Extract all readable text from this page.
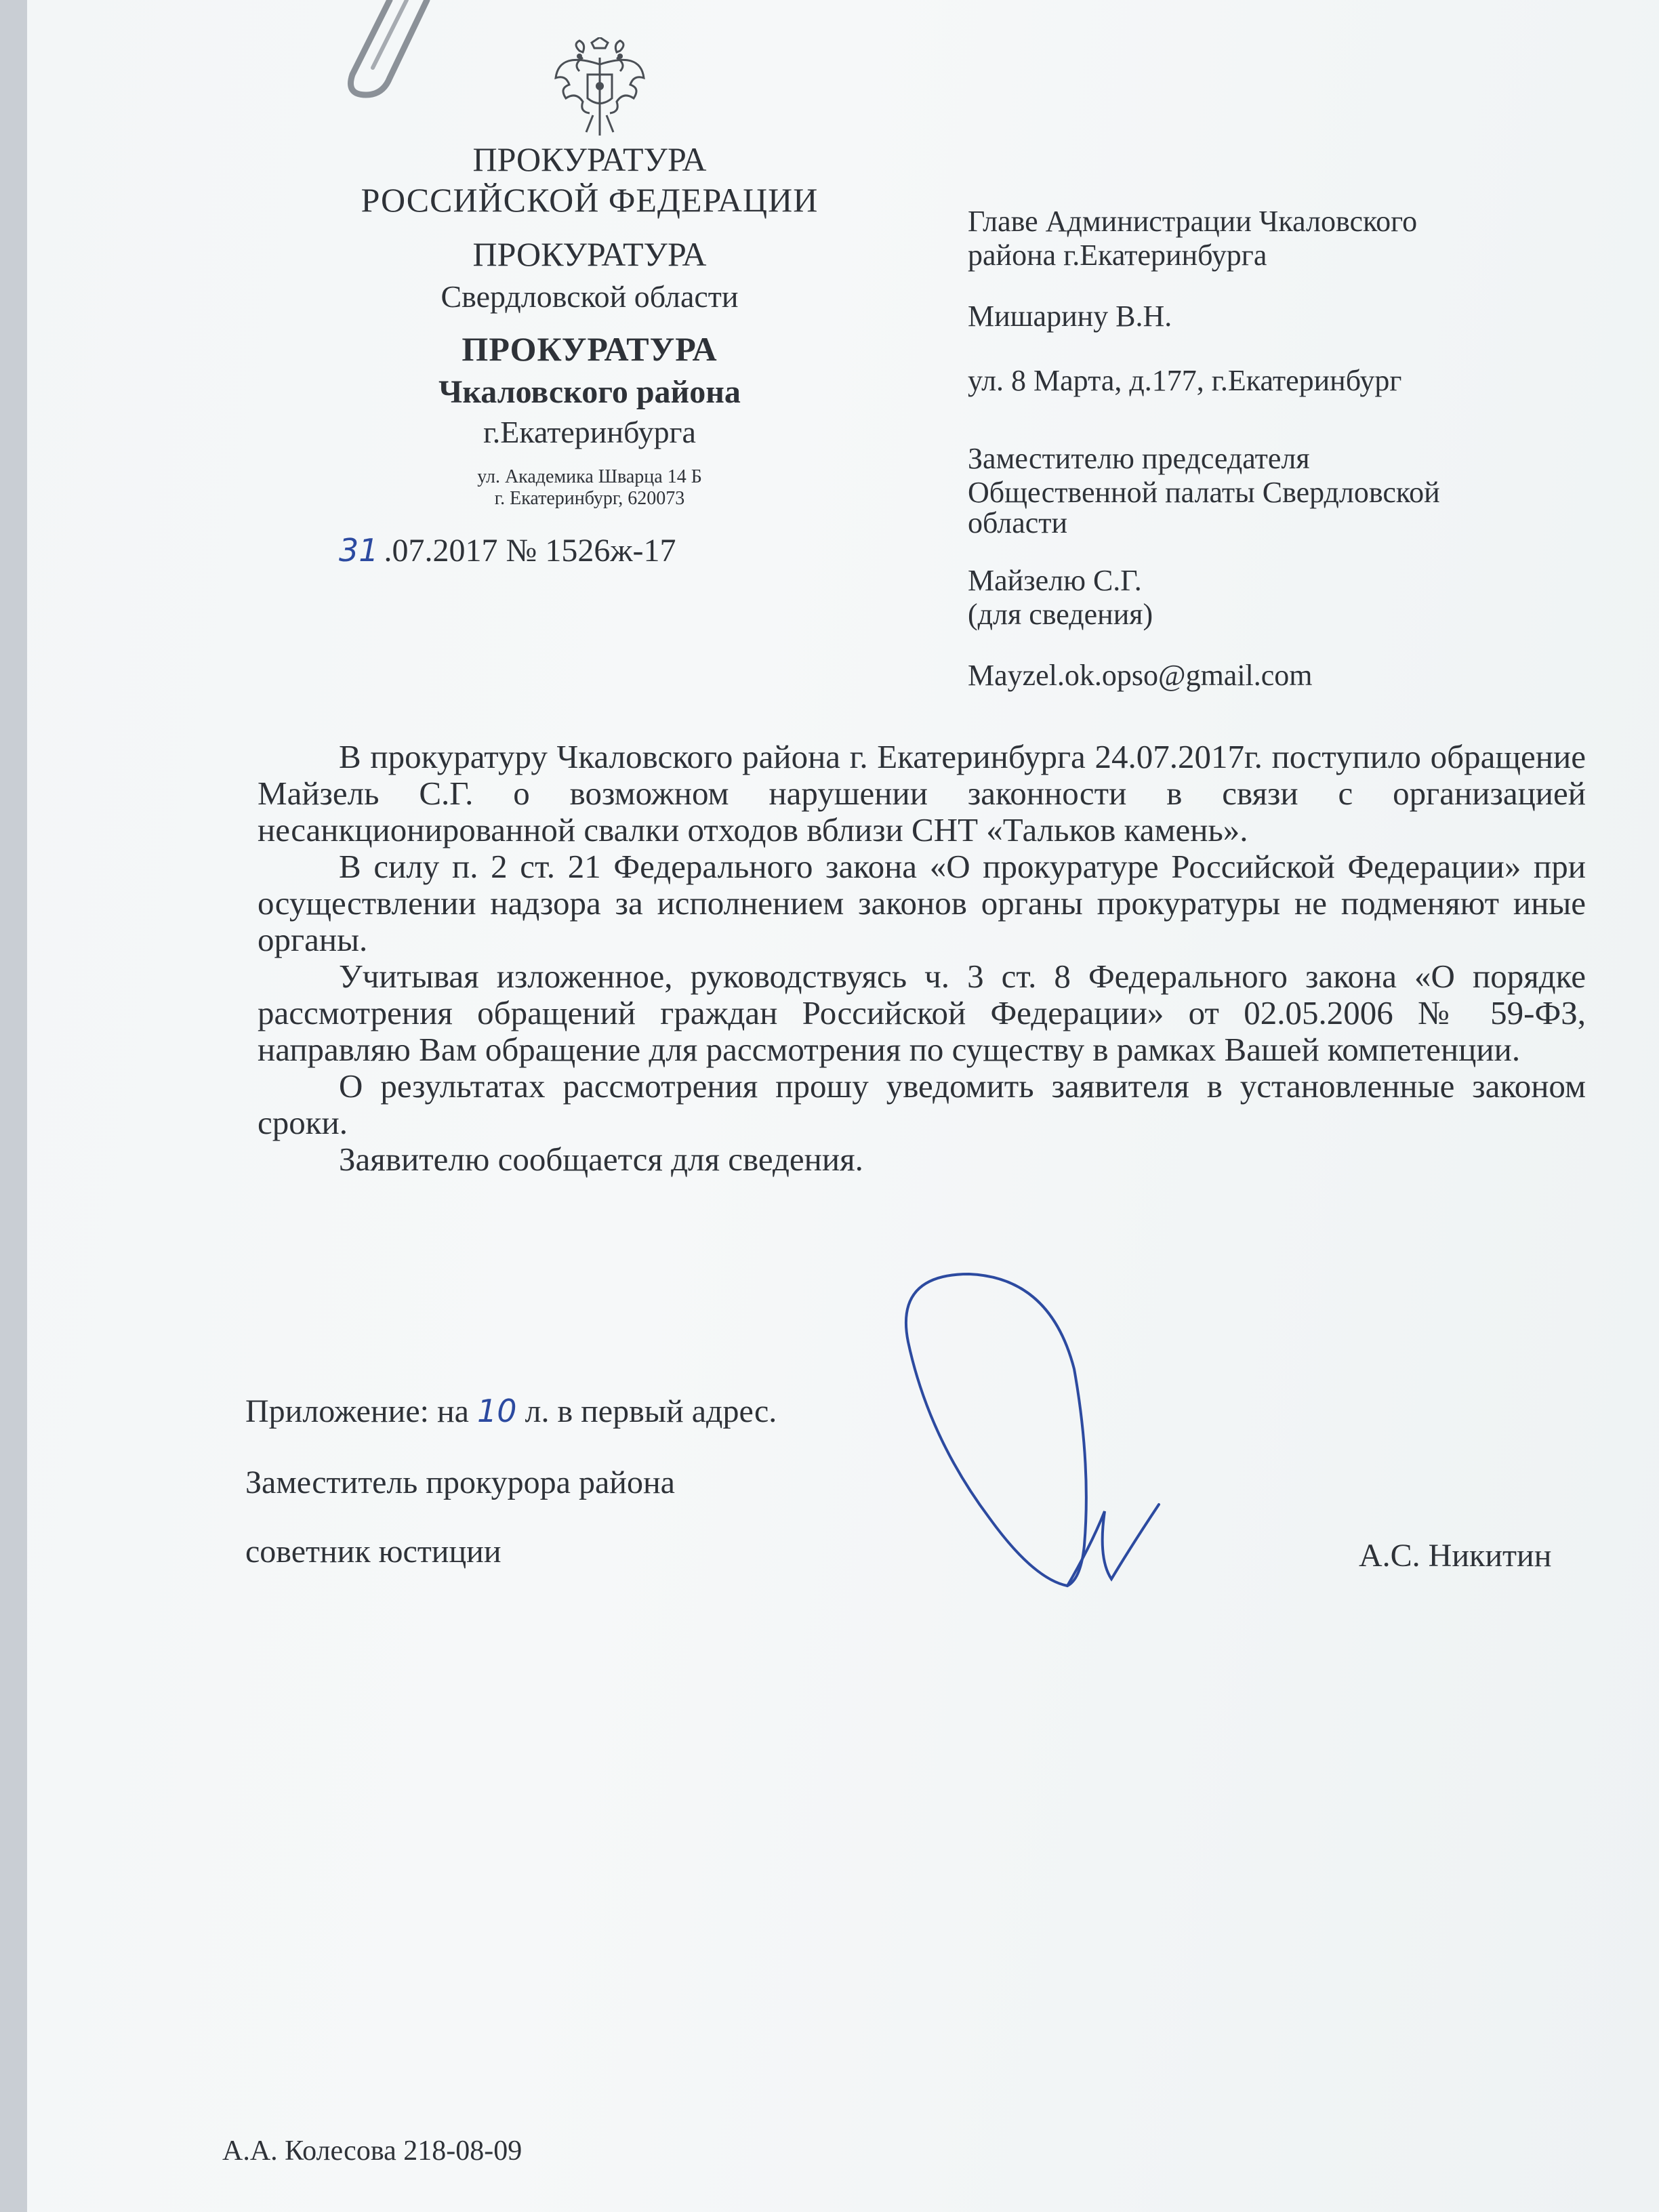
ПРОКУРАТУРА
РОССИЙСКОЙ ФЕДЕРАЦИИ
ПРОКУРАТУРА
Свердловской области
ПРОКУРАТУРА
Чкаловского района
г.Екатеринбурга
ул. Академика Шварца 14 Б
г. Екатеринбург, 620073
31 .07.2017 № 1526ж-17
Главе Администрации Чкаловского
района г.Екатеринбурга
Мишарину В.Н.
ул. 8 Марта, д.177, г.Екатеринбург
Заместителю председателя
Общественной палаты Свердловской
области
Майзелю С.Г.
(для сведения)
Mayzel.ok.opso@gmail.com

В прокуратуру Чкаловского района г. Екатеринбурга 24.07.2017г. поступило обращение Майзель С.Г. о возможном нарушении законности в связи с организацией несанкционированной свалки отходов вблизи СНТ «Тальков камень».

В силу п. 2 ст. 21 Федерального закона «О прокуратуре Российской Федерации» при осуществлении надзора за исполнением законов органы прокуратуры не подменяют иные органы.

Учитывая изложенное, руководствуясь ч. 3 ст. 8 Федерального закона «О порядке рассмотрения обращений граждан Российской Федерации» от 02.05.2006 № 59-ФЗ, направляю Вам обращение для рассмотрения по существу в рамках Вашей компетенции.

О результатах рассмотрения прошу уведомить заявителя в установленные законом сроки.

Заявителю сообщается для сведения.

Приложение: на 10 л. в первый адрес.
Заместитель прокурора района
советник юстиции	А.С. Никитин
А.А. Колесова 218-08-09
